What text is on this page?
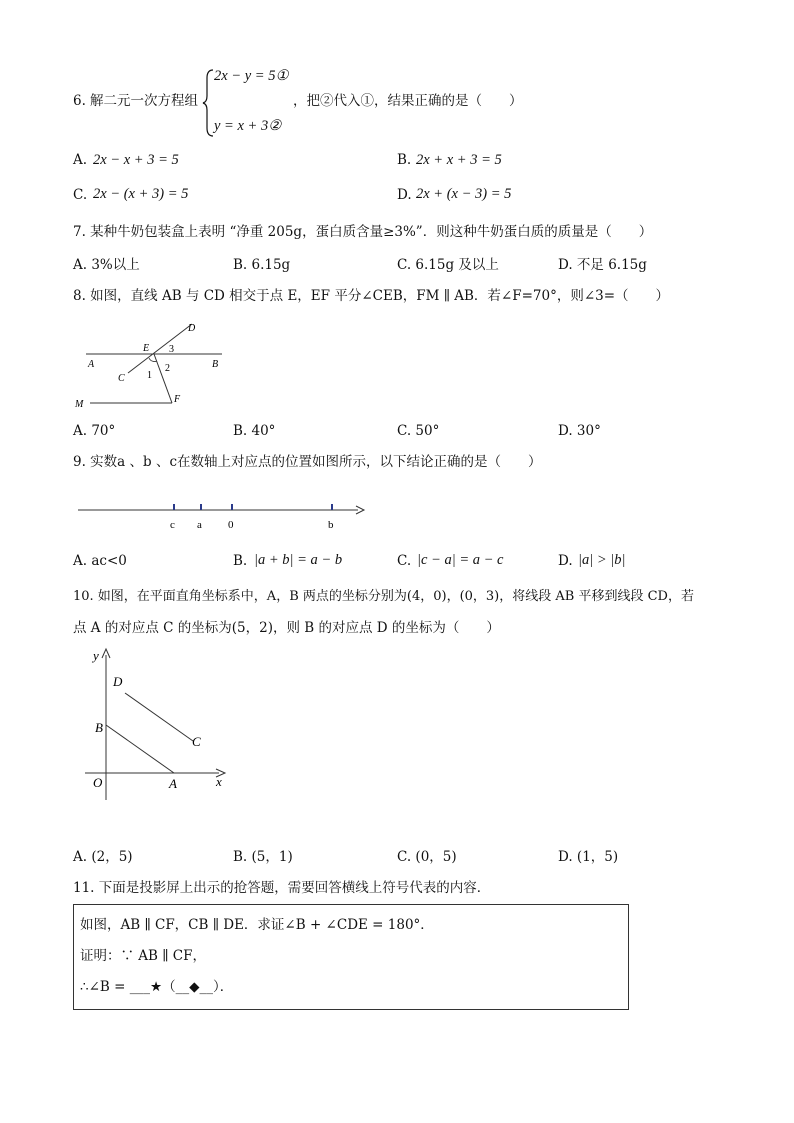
6. 解二元一次方程组
2x − y = 5①
y = x + 3②
，把②代入①，结果正确的是（　　）
A. 2x − x + 3 = 5	B. 2x + x + 3 = 5
C. 2x − (x + 3) = 5	D. 2x + (x − 3) = 5
7. 某种牛奶包装盒上表明 “净重 205g，蛋白质含量≥3%”．则这种牛奶蛋白质的质量是（　　）
A. 3%以上	B. 6.15g	C. 6.15g 及以上	D. 不足 6.15g
8. 如图，直线 AB 与 CD 相交于点 E，EF 平分∠CEB，FM ∥ AB．若∠F=70°，则∠3=（　　）
D
E 3
A	B
C 1
2
M	F
A. 70°	B. 40°	C. 50°	D. 30°
9. 实数a 、b 、c在数轴上对应点的位置如图所示，以下结论正确的是（　　）
c a 0	b
A. ac<0	B. |a + b| = a − b	C. |c − a| = a − c	D. |a| > |b|
10. 如图，在平面直角坐标系中，A，B 两点的坐标分别为(4，0)，(0，3)，将线段 AB 平移到线段 CD，若
点 A 的对应点 C 的坐标为(5，2)，则 B 的对应点 D 的坐标为（　　）
y
D
B
C
O	A	x
A. (2，5)	B. (5，1)	C. (0，5)	D. (1，5)
11. 下面是投影屏上出示的抢答题，需要回答横线上符号代表的内容．
如图，AB ∥ CF，CB ∥ DE．求证∠B + ∠CDE = 180°．
证明：∵ AB ∥ CF，
∴∠B = ___★（__◆__）．
